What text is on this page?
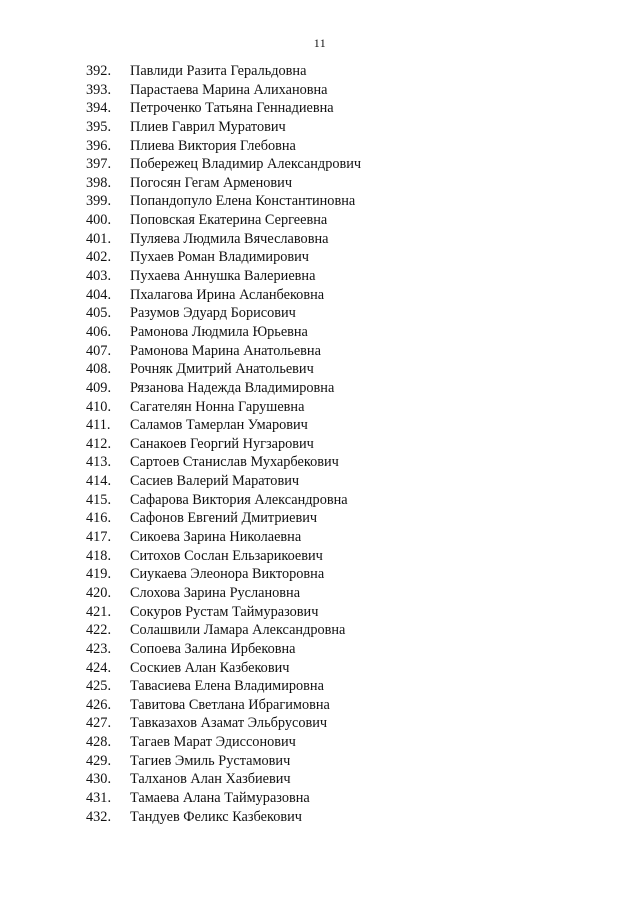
11
392.	Павлиди Разита Геральдовна
393.	Парастаева Марина Алихановна
394.	Петроченко Татьяна Геннадиевна
395.	Плиев Гаврил Муратович
396.	Плиева Виктория Глебовна
397.	Побережец Владимир Александрович
398.	Погосян Гегам Арменович
399.	Попандопуло Елена Константиновна
400.	Поповская Екатерина Сергеевна
401.	Пуляева Людмила Вячеславовна
402.	Пухаев Роман Владимирович
403.	Пухаева Аннушка Валериевна
404.	Пхалагова Ирина Асланбековна
405.	Разумов Эдуард Борисович
406.	Рамонова Людмила Юрьевна
407.	Рамонова Марина Анатольевна
408.	Рочняк Дмитрий Анатольевич
409.	Рязанова Надежда Владимировна
410.	Сагателян Нонна Гарушевна
411.	Саламов Тамерлан Умарович
412.	Санакоев Георгий Нугзарович
413.	Сартоев Станислав Мухарбекович
414.	Сасиев Валерий Маратович
415.	Сафарова Виктория Александровна
416.	Сафонов Евгений Дмитриевич
417.	Сикоева Зарина Николаевна
418.	Ситохов Сослан Ельзарикоевич
419.	Сиукаева Элеонора Викторовна
420.	Слохова Зарина Руслановна
421.	Сокуров Рустам Таймуразович
422.	Солашвили Ламара Александровна
423.	Сопоева Залина Ирбековна
424.	Соскиев Алан Казбекович
425.	Тавасиева Елена Владимировна
426.	Тавитова Светлана Ибрагимовна
427.	Тавказахов Азамат Эльбрусович
428.	Тагаев Марат Эдиссонович
429.	Тагиев Эмиль Рустамович
430.	Талханов Алан Хазбиевич
431.	Тамаева Алана Таймуразовна
432.	Тандуев Феликс Казбекович
